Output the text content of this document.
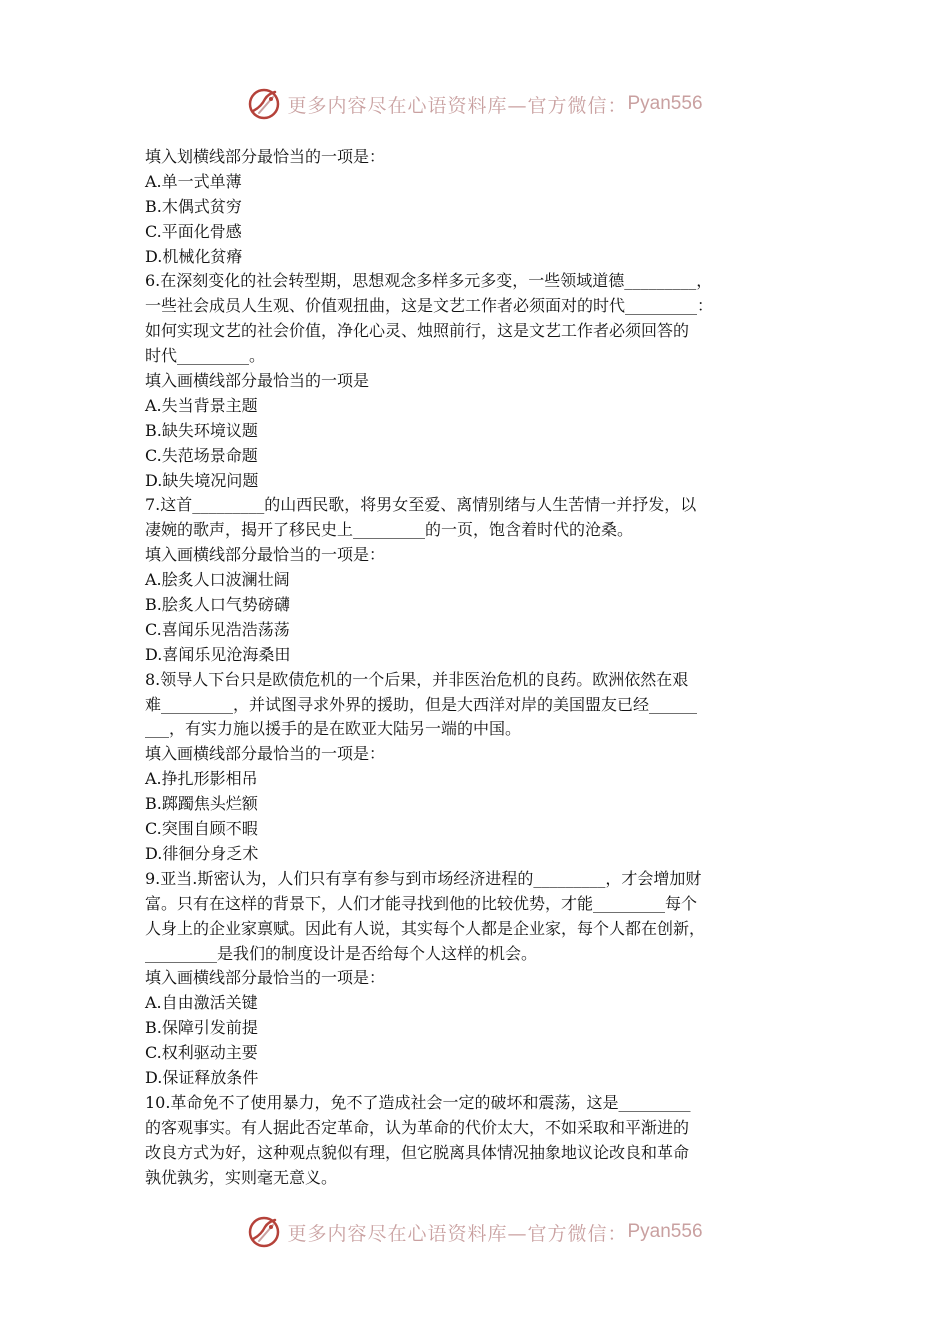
更多内容尽在心语资料库—官方微信： Pyan556
填入划横线部分最恰当的一项是：
A.单一式单薄
B.木偶式贫穷
C.平面化骨感
D.机械化贫瘠
6.在深刻变化的社会转型期，思想观念多样多元多变，一些领域道德_________，
一些社会成员人生观、价值观扭曲，这是文艺工作者必须面对的时代_________：
如何实现文艺的社会价值，净化心灵、烛照前行，这是文艺工作者必须回答的
时代_________。
填入画横线部分最恰当的一项是
A.失当背景主题
B.缺失环境议题
C.失范场景命题
D.缺失境况问题
7.这首_________的山西民歌，将男女至爱、离情别绪与人生苦情一并抒发，以
凄婉的歌声，揭开了移民史上_________的一页，饱含着时代的沧桑。
填入画横线部分最恰当的一项是：
A.脍炙人口波澜壮阔
B.脍炙人口气势磅礴
C.喜闻乐见浩浩荡荡
D.喜闻乐见沧海桑田
8.领导人下台只是欧债危机的一个后果，并非医治危机的良药。欧洲依然在艰
难_________，并试图寻求外界的援助，但是大西洋对岸的美国盟友已经______
___，有实力施以援手的是在欧亚大陆另一端的中国。
填入画横线部分最恰当的一项是：
A.挣扎形影相吊
B.踯躅焦头烂额
C.突围自顾不暇
D.徘徊分身乏术
9.亚当.斯密认为，人们只有享有参与到市场经济进程的_________，才会增加财
富。只有在这样的背景下，人们才能寻找到他的比较优势，才能_________每个
人身上的企业家禀赋。因此有人说，其实每个人都是企业家，每个人都在创新，
_________是我们的制度设计是否给每个人这样的机会。
填入画横线部分最恰当的一项是：
A.自由激活关键
B.保障引发前提
C.权利驱动主要
D.保证释放条件
10.革命免不了使用暴力，免不了造成社会一定的破坏和震荡，这是_________
的客观事实。有人据此否定革命，认为革命的代价太大，不如采取和平渐进的
改良方式为好，这种观点貌似有理，但它脱离具体情况抽象地议论改良和革命
孰优孰劣，实则毫无意义。
更多内容尽在心语资料库—官方微信： Pyan556
